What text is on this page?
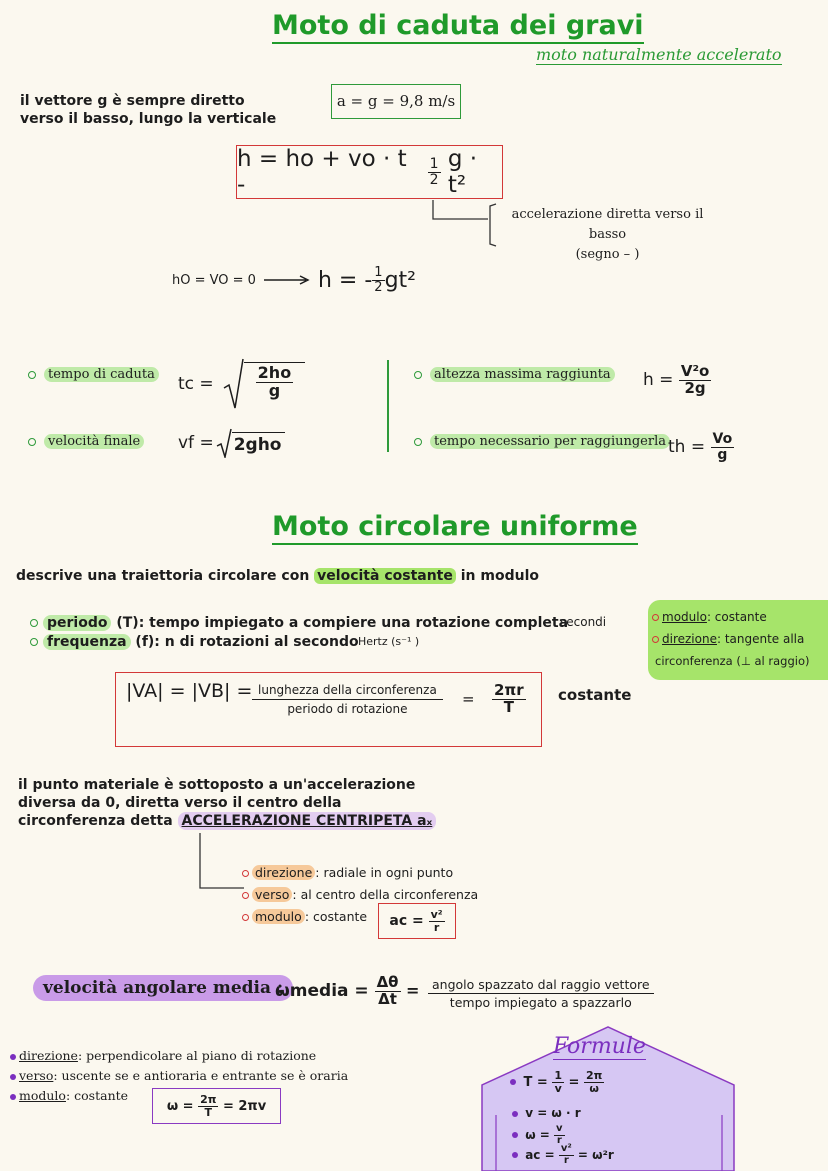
Moto di caduta dei gravi
moto naturalmente accelerato
il vettore g è sempre diretto
verso il basso, lungo la verticale
a = g = 9,8 m/s
h = ho + vo · t -
	$\frac{1}{2}$
g · t²
accelerazione diretta verso il basso
(segno – )
hO = VO = 0	h = - $\frac{1}{2} gt^2$
tempo di caduta tc = $\frac{2ho}{g}$
velocità finale vf = 2gho
altezza massima raggiunta h =
$\frac{\text{V²o}}{2g}$
tempo necessario per raggiungerla th =
$\frac{Vo}{g}$
Moto circolare uniforme
descrive una traiettoria circolare con velocità costante in modulo
periodo (T): tempo impiegato a compiere una rotazione completa
secondi
frequenza (f): n di rotazioni al secondo Hertz (s⁻¹ )
modulo: costante
direzione: tangente alla
circonferenza (⊥ al raggio)
$|VA| = |VB| = \frac{\text{lunghezza della circonferenza}}{\text{periodo di rotazione}} = \frac{2\pi r}{T}$ costante
il punto materiale è sottoposto a un'accelerazione
diversa da 0, diretta verso il centro della
circonferenza detta ACCELERAZIONE CENTRIPETA aₓ
direzione : radiale in ogni punto
verso : al centro della circonferenza
modulo : costante	ac =
$\frac{\text{v²}}{r}$
velocità angolare media :
ωmedia =
$\frac{\Delta\theta}{\Delta t} = \frac{\text{angolo spazzato dal raggio vettore}}{\text{tempo impiegato a spazzarlo}}$
direzione: perpendicolare al piano di rotazione
verso: uscente se e antioraria e entrante se è oraria
modulo: costante
ω =
$\frac{2\pi}{T}$
= 2πv
Formule

T =
$\frac{1}{v}$
=
$\frac{2\pi}{\omega}$
v = ω · r

ω =
$\frac{v}{r}$

ac =
$\frac{\text{v²}}{r}$
= ω²r
